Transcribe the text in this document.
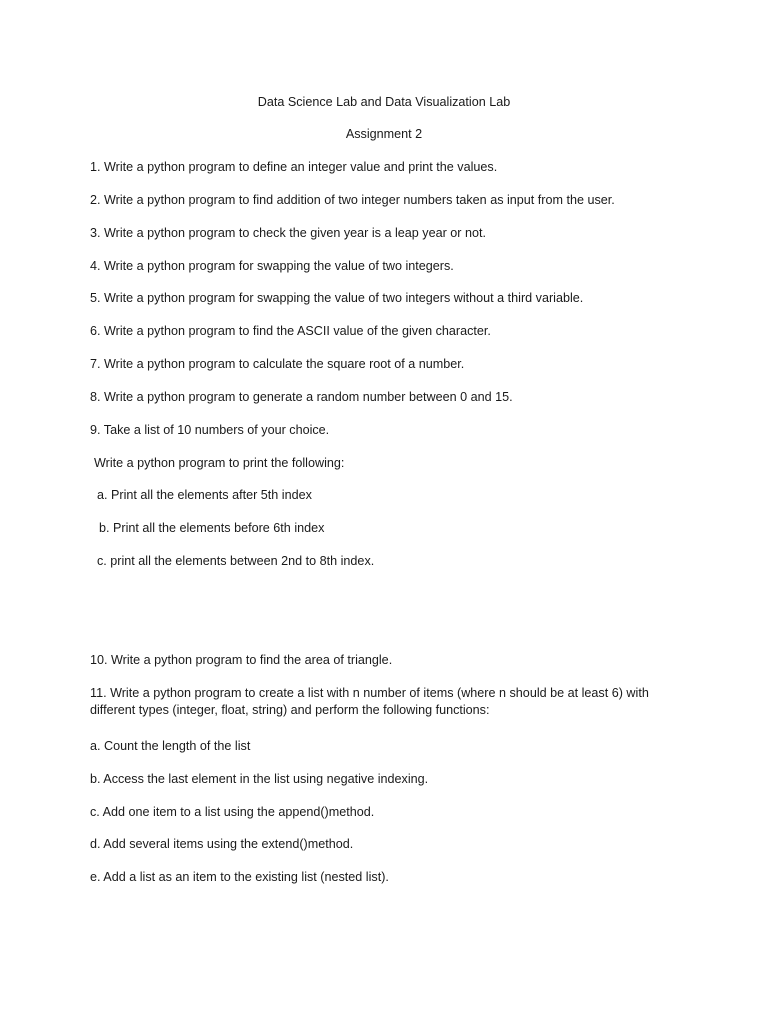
Data Science Lab and Data Visualization Lab

Assignment 2

1. Write a python program to define an integer value and print the values.

2. Write a python program to find addition of two integer numbers taken as input from the user.

3. Write a python program to check the given year is a leap year or not.

4. Write a python program for swapping the value of two integers.

5. Write a python program for swapping the value of two integers without a third variable.

6. Write a python program to find the ASCII value of the given character.

7. Write a python program to calculate the square root of a number.

8. Write a python program to generate a random number between 0 and 15.

9. Take a list of 10 numbers of your choice.

Write a python program to print the following:

a. Print all the elements after 5th index

b. Print all the elements before 6th index

c. print all the elements between 2nd to 8th index.

10. Write a python program to find the area of triangle.

11. Write a python program to create a list with n number of items (where n should be at least 6) with different types (integer, float, string) and perform the following functions:

a. Count the length of the list

b. Access the last element in the list using negative indexing.

c. Add one item to a list using the append()method.

d. Add several items using the extend()method.

e. Add a list as an item to the existing list (nested list).
